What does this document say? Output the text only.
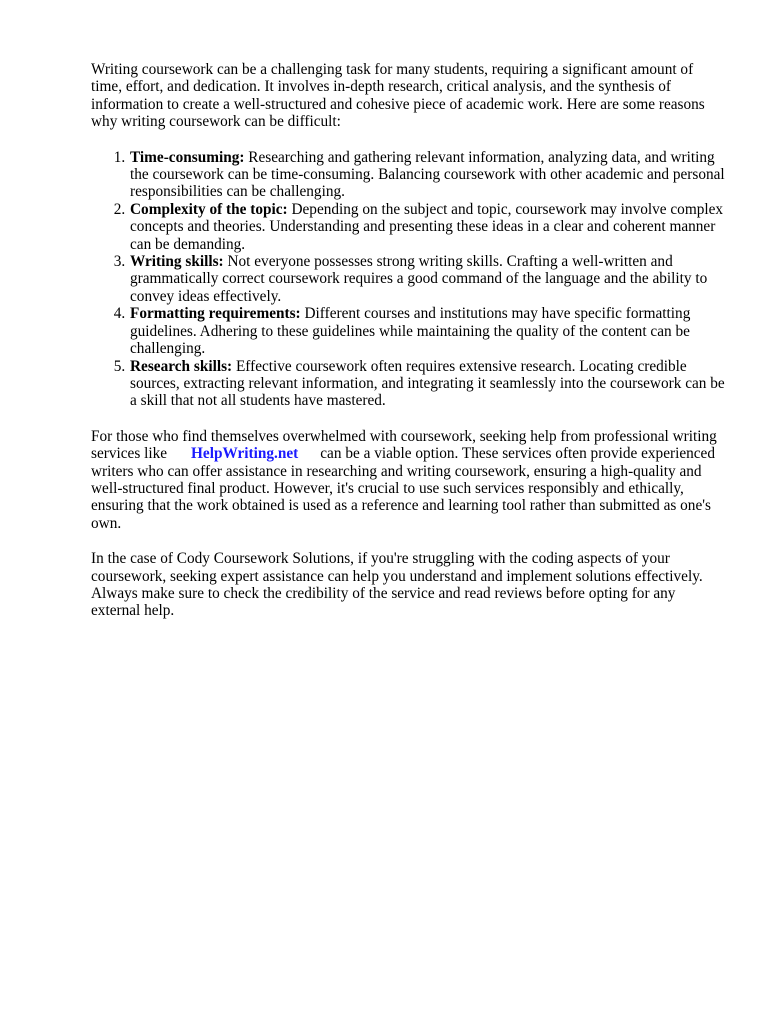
Writing coursework can be a challenging task for many students, requiring a significant amount of time, effort, and dedication. It involves in-depth research, critical analysis, and the synthesis of information to create a well-structured and cohesive piece of academic work. Here are some reasons why writing coursework can be difficult:

1. Time-consuming: Researching and gathering relevant information, analyzing data, and writing the coursework can be time-consuming. Balancing coursework with other academic and personal responsibilities can be challenging.
2. Complexity of the topic: Depending on the subject and topic, coursework may involve complex concepts and theories. Understanding and presenting these ideas in a clear and coherent manner can be demanding.
3. Writing skills: Not everyone possesses strong writing skills. Crafting a well-written and grammatically correct coursework requires a good command of the language and the ability to convey ideas effectively.
4. Formatting requirements: Different courses and institutions may have specific formatting guidelines. Adhering to these guidelines while maintaining the quality of the content can be challenging.
5. Research skills: Effective coursework often requires extensive research. Locating credible sources, extracting relevant information, and integrating it seamlessly into the coursework can be a skill that not all students have mastered.

For those who find themselves overwhelmed with coursework, seeking help from professional writing services like HelpWriting.net can be a viable option. These services often provide experienced writers who can offer assistance in researching and writing coursework, ensuring a high-quality and well-structured final product. However, it's crucial to use such services responsibly and ethically, ensuring that the work obtained is used as a reference and learning tool rather than submitted as one's own.

In the case of Cody Coursework Solutions, if you're struggling with the coding aspects of your coursework, seeking expert assistance can help you understand and implement solutions effectively. Always make sure to check the credibility of the service and read reviews before opting for any external help.
